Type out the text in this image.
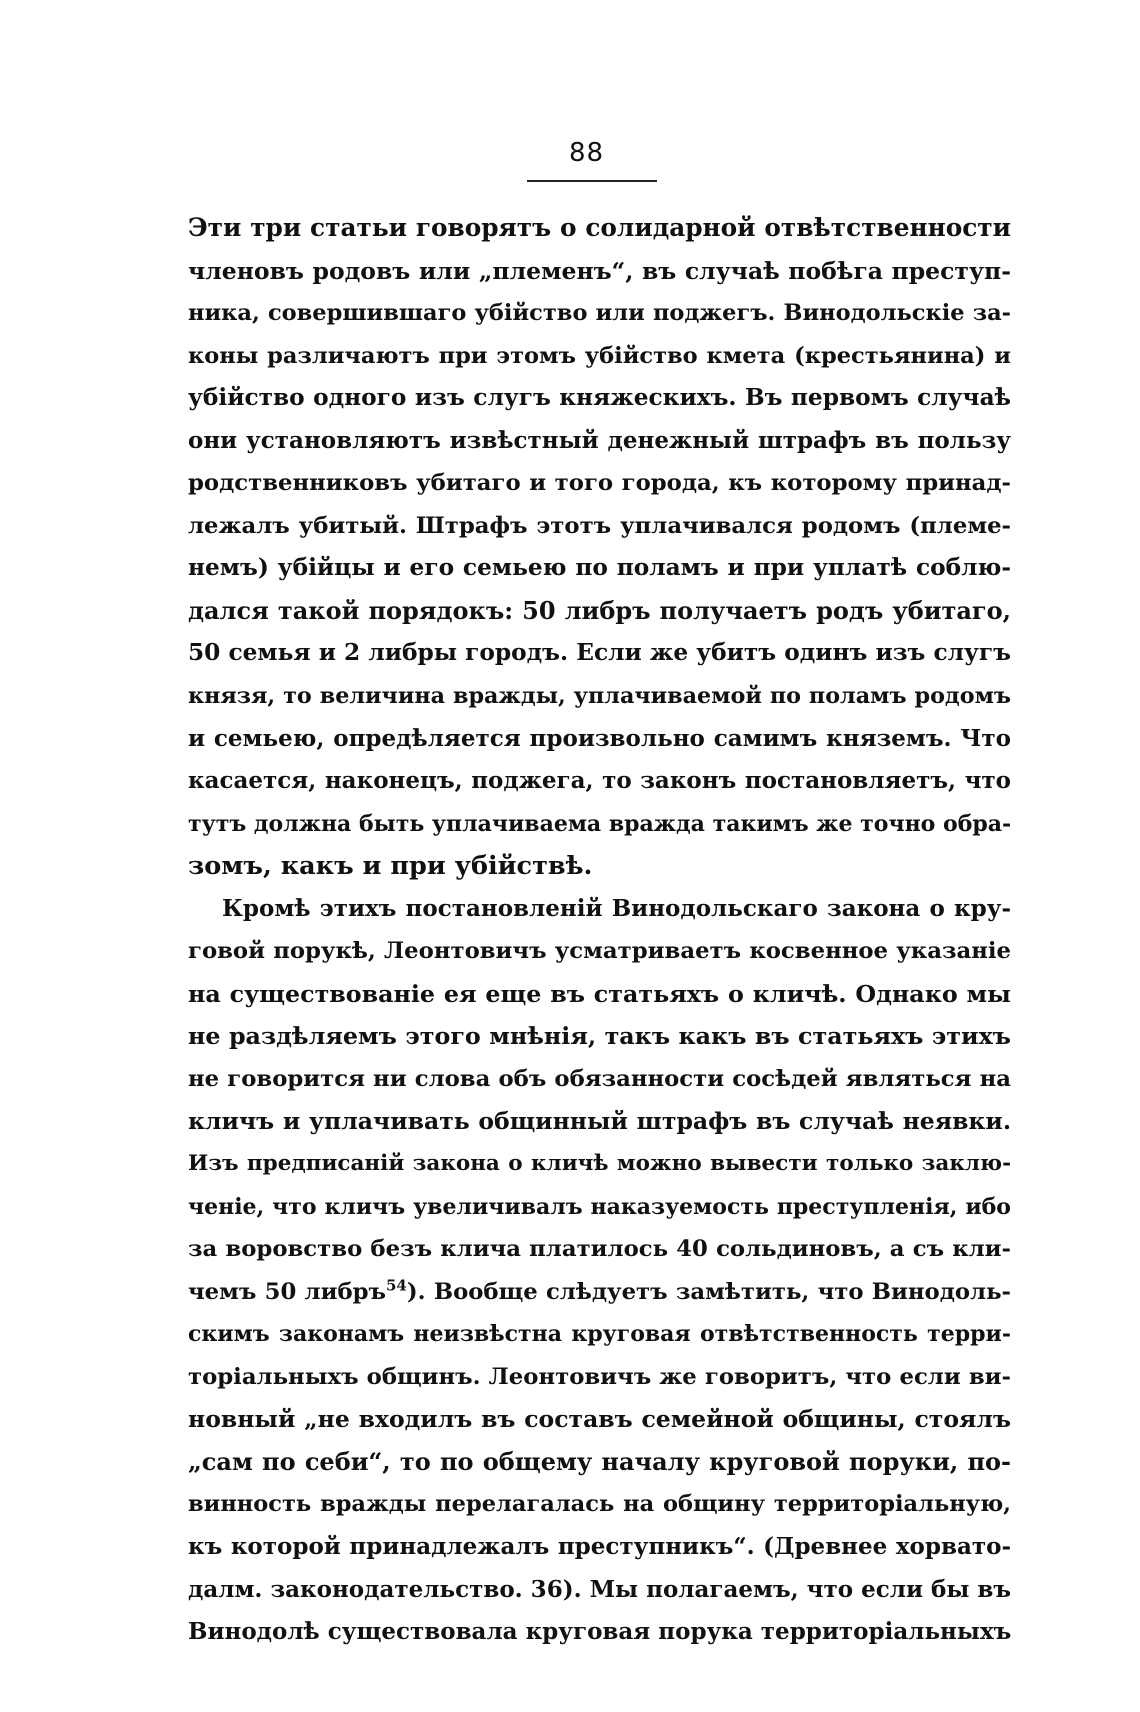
88
Эти три статьи говорятъ о солидарной отвѣтственности
членовъ родовъ или „племенъ“, въ случаѣ побѣга преступ-
ника, совершившаго убійство или поджегъ. Винодольскіе за-
коны различаютъ при этомъ убійство кмета (крестьянина) и
убійство одного изъ слугъ княжескихъ. Въ первомъ случаѣ
они установляютъ извѣстный денежный штрафъ въ пользу
родственниковъ убитаго и того города, къ которому принад-
лежалъ убитый. Штрафъ этотъ уплачивался родомъ (племе-
немъ) убійцы и его семьею по поламъ и при уплатѣ соблю-
дался такой порядокъ: 50 либръ получаетъ родъ убитаго,
50 семья и 2 либры городъ. Если же убитъ одинъ изъ слугъ
князя, то величина вражды, уплачиваемой по поламъ родомъ
и семьею, опредѣляется произвольно самимъ княземъ. Что
касается, наконецъ, поджега, то законъ постановляетъ, что
тутъ должна быть уплачиваема вражда такимъ же точно обра-
зомъ, какъ и при убійствѣ.
Кромѣ этихъ постановленій Винодольскаго закона о кру-
говой порукѣ, Леонтовичъ усматриваетъ косвенное указаніе
на существованіе ея еще въ статьяхъ о кличѣ. Однако мы
не раздѣляемъ этого мнѣнія, такъ какъ въ статьяхъ этихъ
не говорится ни слова объ обязанности сосѣдей являться на
кличъ и уплачивать общинный штрафъ въ случаѣ неявки.
Изъ предписаній закона о кличѣ можно вывести только заклю-
ченіе, что кличъ увеличивалъ наказуемость преступленія, ибо
за воровство безъ клича платилось 40 сольдиновъ, а съ кли-
чемъ 50 либръ$^{54}$). Вообще слѣдуетъ замѣтить, что Винодоль-
скимъ законамъ неизвѣстна круговая отвѣтственность терри-
торіальныхъ общинъ. Леонтовичъ же говоритъ, что если ви-
новный „не входилъ въ составъ семейной общины, стоялъ
„сам по себи“, то по общему началу круговой поруки, по-
винность вражды перелагалась на общину территоріальную,
къ которой принадлежалъ преступникъ“. (Древнее хорвато-
далм. законодательство. 36). Мы полагаемъ, что если бы въ
Винодолѣ существовала круговая порука территоріальныхъ
